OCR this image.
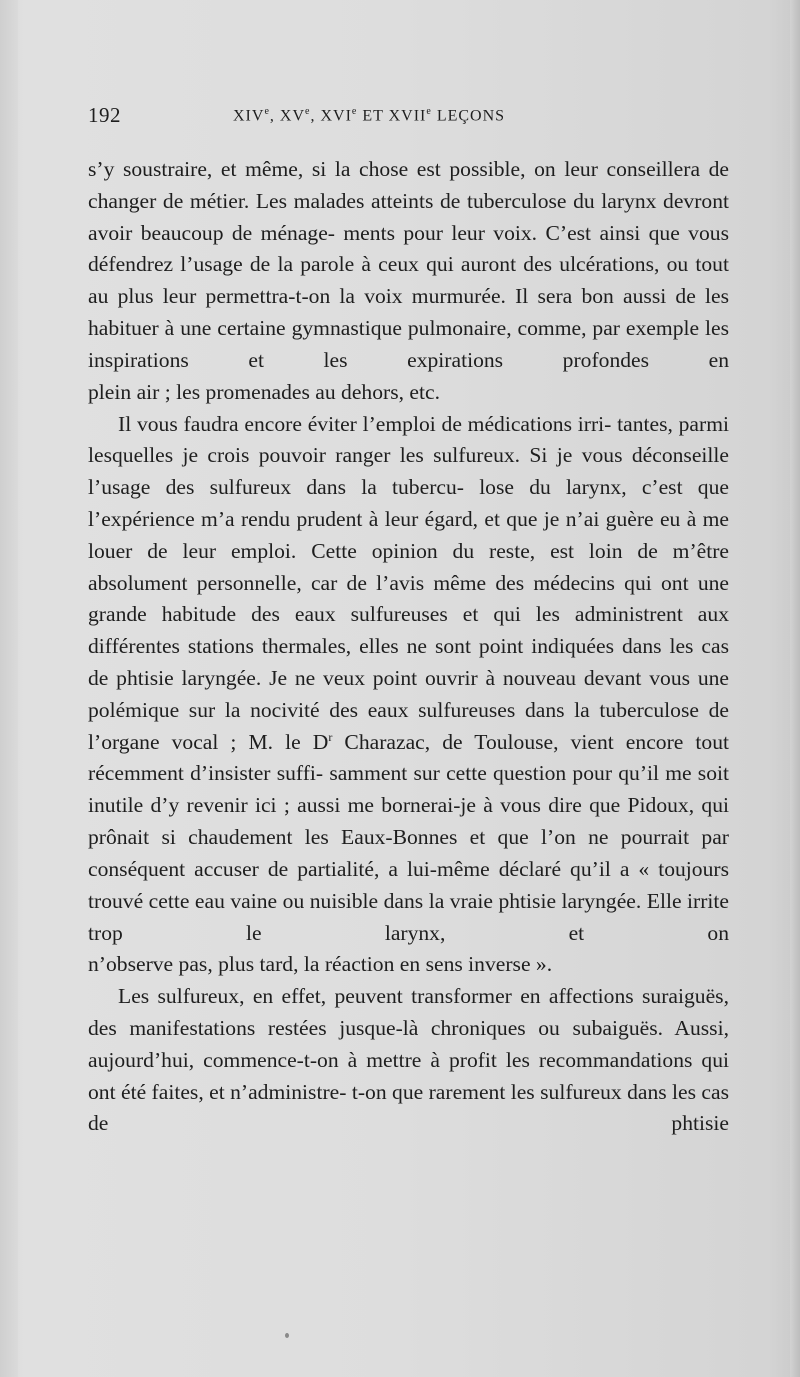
192	XIVe, XVe, XVIe ET XVIIe LEÇONS

s’y soustraire, et même, si la chose est possible, on leur conseillera de changer de métier. Les malades atteints de tuberculose du larynx devront avoir beaucoup de ménage- ments pour leur voix. C’est ainsi que vous défendrez l’usage de la parole à ceux qui auront des ulcérations, ou tout au plus leur permettra-t-on la voix murmurée. Il sera bon aussi de les habituer à une certaine gymnastique pulmonaire, comme, par exemple les inspirations et les expirations profondes en

plein air ; les promenades au dehors, etc.

Il vous faudra encore éviter l’emploi de médications irri- tantes, parmi lesquelles je crois pouvoir ranger les sulfureux. Si je vous déconseille l’usage des sulfureux dans la tubercu- lose du larynx, c’est que l’expérience m’a rendu prudent à leur égard, et que je n’ai guère eu à me louer de leur emploi. Cette opinion du reste, est loin de m’être absolument personnelle, car de l’avis même des médecins qui ont une grande habitude des eaux sulfureuses et qui les administrent aux différentes stations thermales, elles ne sont point indiquées dans les cas de phtisie laryngée. Je ne veux point ouvrir à nouveau devant vous une polémique sur la nocivité des eaux sulfureuses dans la tuberculose de l’organe vocal ; M. le $D^r$ Charazac, de Toulouse, vient encore tout récemment d’insister suffi- samment sur cette question pour qu’il me soit inutile d’y revenir ici ; aussi me bornerai-je à vous dire que Pidoux, qui prônait si chaudement les Eaux-Bonnes et que l’on ne pourrait par conséquent accuser de partialité, a lui-même déclaré qu’il a « toujours trouvé cette eau vaine ou nuisible dans la vraie phtisie laryngée. Elle irrite trop le larynx, et on

n’observe pas, plus tard, la réaction en sens inverse ».

Les sulfureux, en effet, peuvent transformer en affections suraiguës, des manifestations restées jusque-là chroniques ou subaiguës. Aussi, aujourd’hui, commence-t-on à mettre à profit les recommandations qui ont été faites, et n’administre- t-on que rarement les sulfureux dans les cas de phtisie
